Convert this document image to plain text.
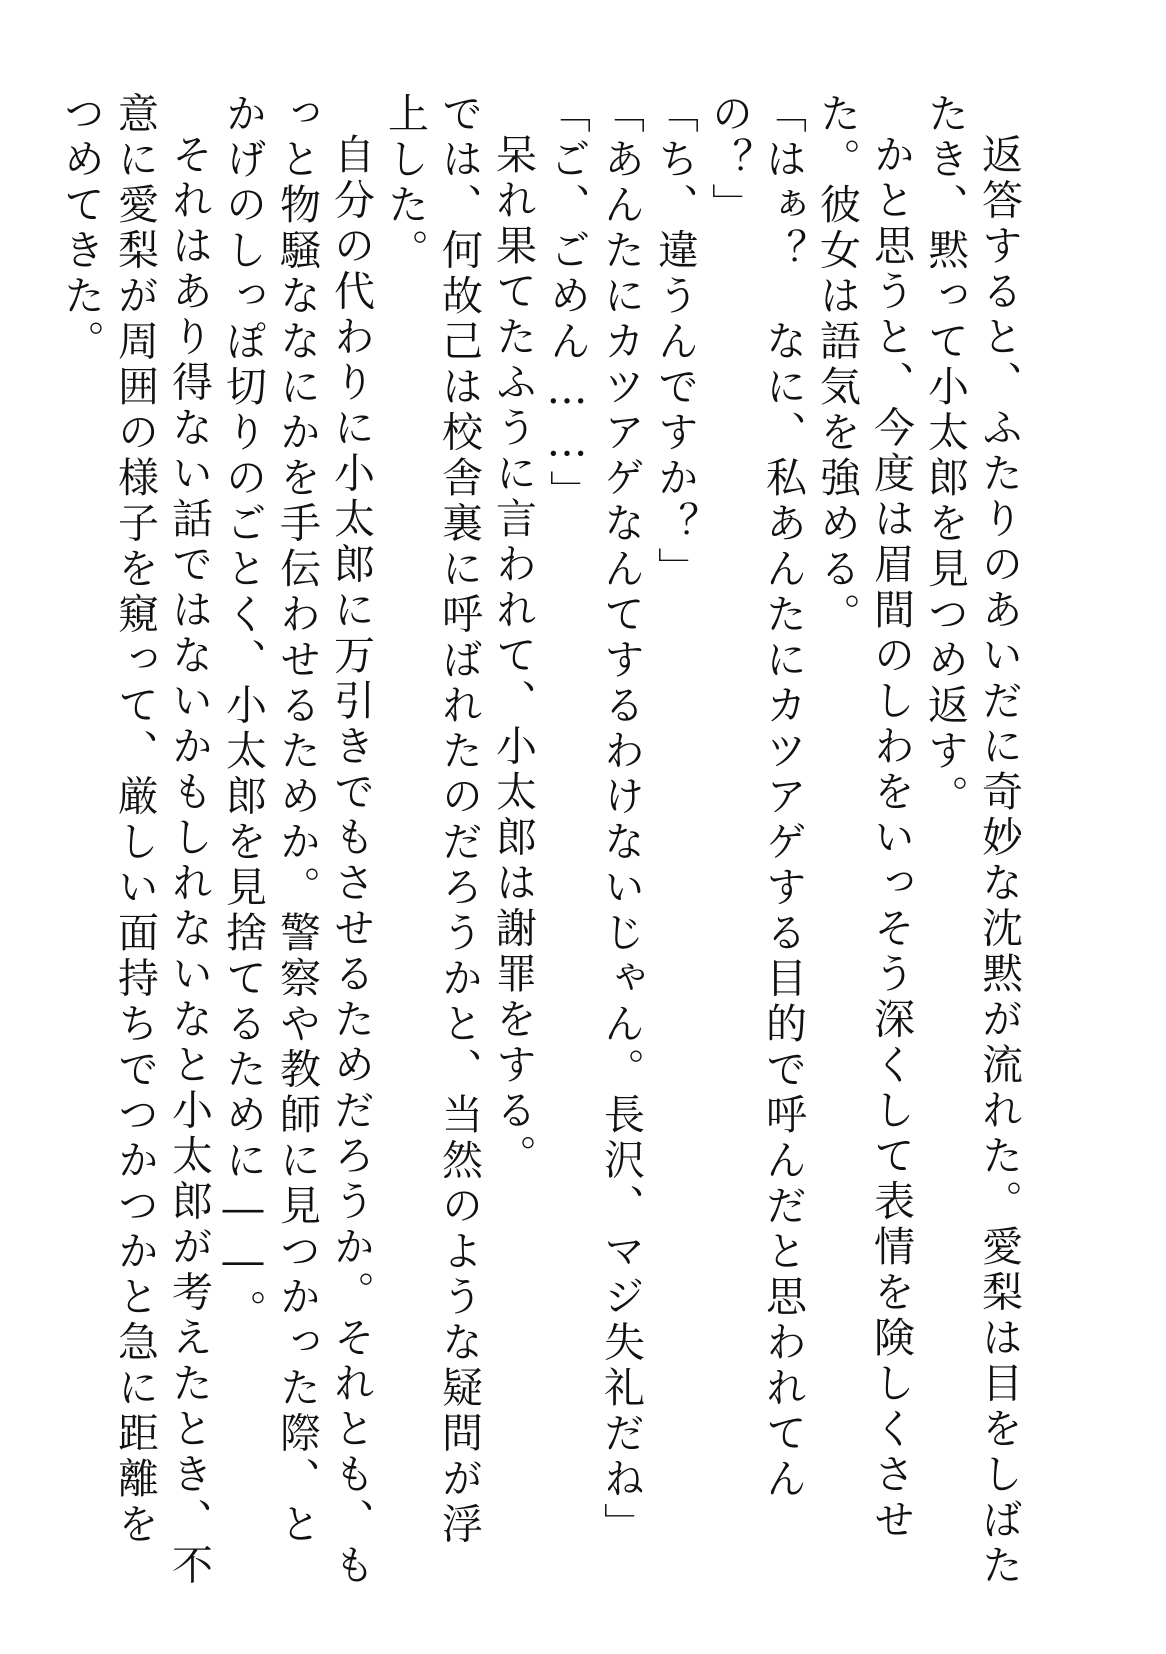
返答すると、ふたりのあいだに奇妙な沈黙が流れた。愛梨は目をしばたたき、黙って小太郎を見つめ返す。

かと思うと、今度は眉間のしわをいっそう深くして表情を険しくさせた。彼女は語気を強める。

「はぁ？　なに、私あんたにカツアゲする目的で呼んだと思われてんの？」

「ち、違うんですか？」

「あんたにカツアゲなんてするわけないじゃん。長沢、マジ失礼だね」

「ご、ごめん……」

呆れ果てたふうに言われて、小太郎は謝罪をする。

では、何故己は校舎裏に呼ばれたのだろうかと、当然のような疑問が浮上した。

自分の代わりに小太郎に万引きでもさせるためだろうか。それとも、もっと物騒ななにかを手伝わせるためか。警察や教師に見つかった際、とかげのしっぽ切りのごとく、小太郎を見捨てるために――。

それはあり得ない話ではないかもしれないなと小太郎が考えたとき、不意に愛梨が周囲の様子を窺って、厳しい面持ちでつかつかと急に距離をつめてきた。
